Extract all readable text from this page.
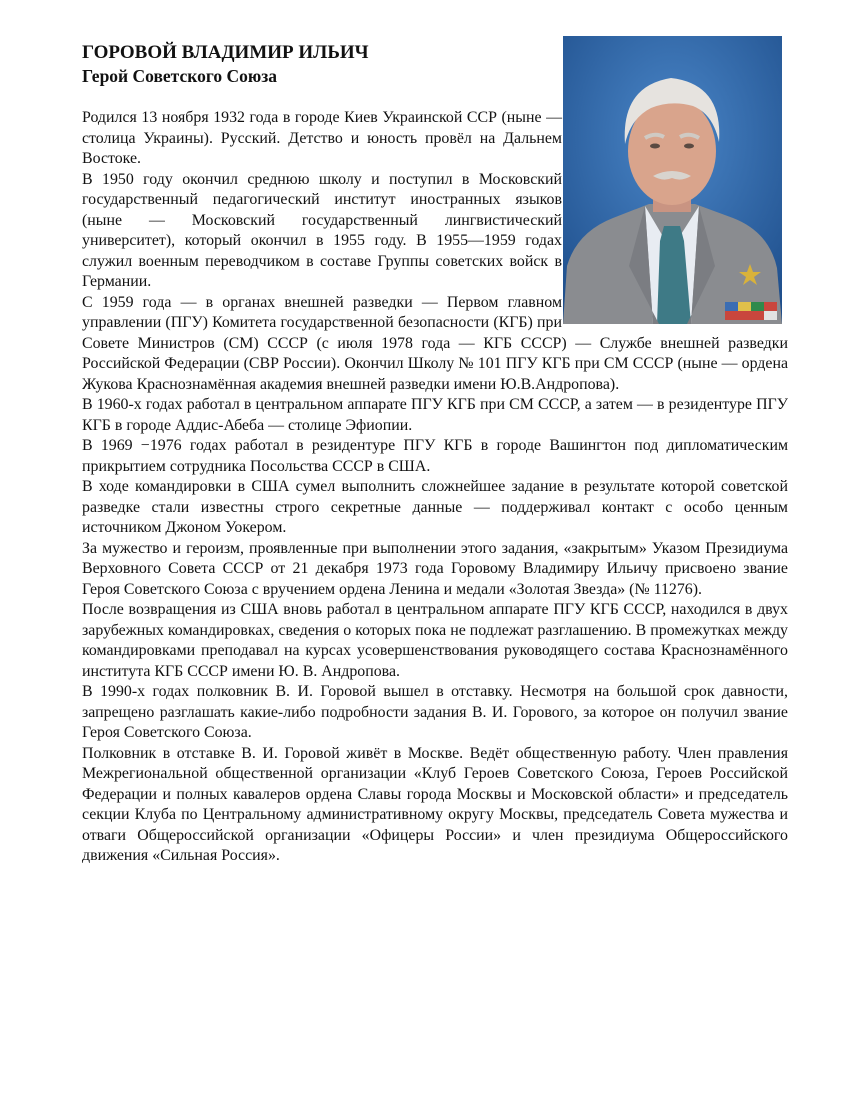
ГОРОВОЙ ВЛАДИМИР ИЛЬИЧ
Герой Советского Союза

Родился 13 ноября 1932 года в городе Киев Украинской ССР (ныне — столица Украины). Русский. Детство и юность провёл на Дальнем Востоке.

В 1950 году окончил среднюю школу и поступил в Московский государственный педагогический институт иностранных языков (ныне — Московский государственный лингвистический университет), который окончил в 1955 году. В 1955—1959 годах служил военным переводчиком в составе Группы советских войск в Германии.

С 1959 года — в органах внешней разведки — Первом главном управлении (ПГУ) Комитета государственной безопасности (КГБ) при Совете Министров (СМ) СССР (с июля 1978 года — КГБ СССР) — Службе внешней разведки Российской Федерации (СВР России). Окончил Школу № 101 ПГУ КГБ при СМ СССР (ныне — ордена Жукова Краснознамённая академия внешней разведки имени Ю.В.Андропова).

В 1960-х годах работал в центральном аппарате ПГУ КГБ при СМ СССР, а затем — в резидентуре ПГУ КГБ в городе Аддис-Абеба — столице Эфиопии.

В 1969 −1976 годах работал в резидентуре ПГУ КГБ в городе Вашингтон под дипломатическим прикрытием сотрудника Посольства СССР в США.

В ходе командировки в США сумел выполнить сложнейшее задание в результате которой советской разведке стали известны строго секретные данные — поддерживал контакт с особо ценным источником Джоном Уокером.

За мужество и героизм, проявленные при выполнении этого задания, «закрытым» Указом Президиума Верховного Совета СССР от 21 декабря 1973 года Горовому Владимиру Ильичу присвоено звание Героя Советского Союза с вручением ордена Ленина и медали «Золотая Звезда» (№ 11276).

После возвращения из США вновь работал в центральном аппарате ПГУ КГБ СССР, находился в двух зарубежных командировках, сведения о которых пока не подлежат разглашению. В промежутках между командировками преподавал на курсах усовершенствования руководящего состава Краснознамённого института КГБ СССР имени Ю. В. Андропова.

В 1990-х годах полковник В. И. Горовой вышел в отставку. Несмотря на большой срок давности, запрещено разглашать какие-либо подробности задания В. И. Горового, за которое он получил звание Героя Советского Союза.

Полковник в отставке В. И. Горовой живёт в Москве. Ведёт общественную работу. Член правления Межрегиональной общественной организации «Клуб Героев Советского Союза, Героев Российской Федерации и полных кавалеров ордена Славы города Москвы и Московской области» и председатель секции Клуба по Центральному административному округу Москвы, председатель Совета мужества и отваги Общероссийской организации «Офицеры России» и член президиума Общероссийского движения «Сильная Россия».
